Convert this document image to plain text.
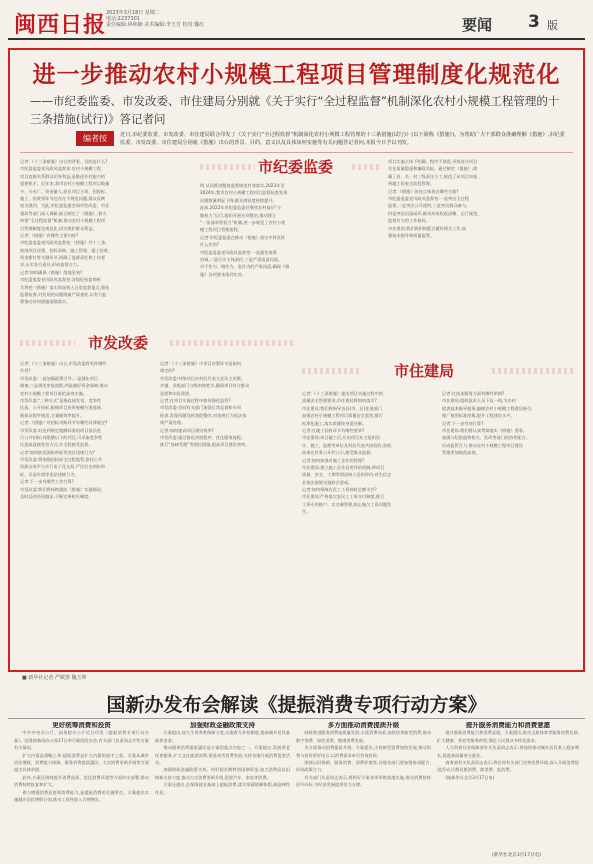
闽西日报 2023年3月18日 星期二
电话:2237301
责任编辑:林和楠 美术编辑:李玉芳 校对:魏红	要闻 3 版
进一步推动农村小规模工程项目管理制度化规范化
——市纪委监委、市发改委、市住建局分别就《关于实行“全过程监督”机制深化农村小规模工程管理的十三条措施(试行)》答记者问
编者按	近日,市纪委监委、市发改委、市住建局联合印发了《关于实行“全过程监督”机制深化农村小规模工程管理的十三条措施(试行)》(以下简称《措施》)。为帮助广大干部群众准确理解《措施》,市纪委监委、市发改委、市住建局分别就《措施》出台的背景、目的、意义以及具体如何实施等有关问题答记者问,本报今日予以刊发。
市纪委监委
记者:《十三条措施》出台的背景、目的是什么?
市纪委监委党风政风监督室:农村小规模工程
项目直接关系群众切身利益,是推进乡村振兴的
重要抓手。近年来,我市农村小规模工程项目数量
多、分布广、资金量大,但在项目立项、招投标、
施工、验收等环节还存在不规范问题,群众反映
较为强烈。为此,市纪委监委会同市发改委、市住
建局等部门深入调研,联合制定了《措施》,着力
构建“全过程监督”机制,推动农村小规模工程项
目管理制度化规范化,切实维护群众利益。
记者:《措施》有哪些主要内容?
市纪委监委党风政风监督室:《措施》共十三条,
围绕项目决策、招标采购、施工管理、竣工验收、
资金拨付等关键环节,明确了监督责任和工作要
求,压实各方责任,形成监督合力。
记者:如何确保《措施》落地见效?
市纪委监委党风政风监督室:各级纪检监察机
关将把《措施》落实情况纳入日常监督重点,强化
监督检查,对发现的问题线索严肃查处,以有力监
督推动各项措施落细落实。
例,从而推进整体监督规范有效落实,2023年至
2024年,我市农村小规模工程项目监督检查发现
问题数量明显下降,群众满意度持续提升。
此前,2022年市纪委监委还聚焦农村基层“小
微权力”运行,组织开展专项整治,推动建立
“一张清单管权力”机制,进一步规范了农村小规
模工程项目管理流程。
记者:市纪委监委在推动《措施》落实中将发挥
什么作用?
市纪委监委党风政风监督室:一是强化统筹
协调,二是压实主体责任,三是严肃追责问责,
对不作为、慢作为、乱作为的严肃问责,确保《措
施》各项要求落到实处。
项目实施主体不明确、程序不规范,导致部分项目
存在质量隐患和廉政风险。通过制定《措施》,明
确了县、乡、村三级责任分工,规范了从项目申报
到竣工验收全流程管理。
记者:《措施》的亮点体现在哪些方面?
市纪委监委党风政风监督室:一是突出全过程
监督,二是突出公开透明,三是突出群众参与,
四是突出问责闭环,推动形成权责清晰、运行规范、
监督有力的工作格局。
市住建局:我们将积极配合做好相关工作,加
强技术指导和质量监管。
市发改委
记者:《十三条措施》出台,市发改委将发挥哪些
作用?
市发改委:一是加强政策引导,二是强化项目
储备,三是规范审批流程,四是做好资金保障,推动
农村小规模工程项目规范高效实施。
市发改委:“三种方式”是指直接发包、竞争性
比选、公开招标,根据项目投资规模分类选择,
既保证程序规范,又兼顾效率提升。
记者:《措施》对招标采购环节有哪些具体规定?
市发改委:对达到规定限额标准的项目依法进
行公开招标;对限额以下的项目,可采取竞争性
比选或直接发包方式,并全程接受监督。
记者:如何防范围标串标等违法违规行为?
市发改委:将加强招投标全过程监管,依托公共
资源交易平台实行电子化交易,严厉打击围标串
标、弄虚作假等违法违规行为。
记者:下一步有哪些工作打算?
市发改委:我们将持续跟踪《措施》实施情况,
及时总结经验做法,不断完善相关制度。
记者:《十三条措施》中项目决策环节是如何
规定的?
市发改委:村级项目由村民代表大会民主决策,
乡镇、县级部门分级审核把关,确保项目符合群众
意愿和实际需要。
记者:在项目实施过程中如何强化监管?
市发改委:会同有关部门加强日常巡查和专项
检查,发现问题及时督促整改,对违规行为依法依
规严肃处理。
记者:如何提高项目建设效率?
市发改委:通过简化审批程序、优化服务流程,
推行“容缺受理”等便民措施,提高项目建设效率。
市住建局
记者:《十三条措施》提出项目实施过程中的
质量安全管理要求,市住建局将如何落实?
市住建局:我们将指导各县(市、区)住建部门
加强农村小规模工程项目质量安全监管,推行
标准化施工,落实质量终身责任制。
记者:在竣工验收环节有哪些要求?
市住建局:项目竣工后,应由项目业主组织设
计、施工、监理等单位及村民代表共同验收,验收
结果在村务公开栏公示,接受群众监督。
记者:如何加强对施工企业的管理?
市住建局:建立施工企业信用评价机制,将项目
质量、安全、工期等情况纳入信用评价,对失信企
业依法依规实施联合惩戒。
记者:如何保障农民工工资按时足额支付?
市住建局:严格落实农民工工资支付制度,推行
工资专用账户、实名制管理,防止拖欠工资问题发
生。
记者:在技术服务方面有哪些举措?
市住建局:组织技术人员下沉一线,为乡村
提供技术指导服务,编制农村小规模工程建设指引,
推广使用标准图集,提升工程建设水平。
记者:下一步有何打算?
市住建局:我们将认真贯彻落实《措施》要求,
加强与纪检监察机关、发改等部门的协作配合,
形成监管合力,推动农村小规模工程项目建设
管理更加规范高效。
■ 新华社记者 严赋憬 魏玉坤
国新办发布会解读《提振消费专项行动方案》
更好统筹消费和投资
中共中央办公厅、国务院办公厅近日印发《提振消费专项行动方案》。国务院新闻办公室17日举行新闻发布会,有关部门负责同志介绍方案有关情况。
扩大内需是战略之举,提振消费是扩大内需的重中之重。方案从城乡居民增收、消费能力保障、服务消费提质惠民、大宗消费更新升级等方面提出具体举措。
此外,方案还围绕提升消费品质、优化消费环境等方面作出部署,推动消费持续恢复和扩大。
着力增强消费意愿和消费能力,是提振消费的关键所在。方案提出实施城乡居民增收计划,推动工资性收入合理增长。
加强财政金融政策支持
方案提出,加大生育养育保障力度,实施育儿补贴制度,提高城乡居民基础养老金。
推动服务消费提质惠民是方案的重点内容之一。方案提出,发展养老托育服务,扩大文化旅游消费,推进冰雪消费发展,支持各地开展消费促进活动。
加强财政金融政策支持。用好超长期特别国债资金,加大消费品以旧换新支持力度,推动大宗消费更新升级,促进汽车、家电等消费。
方案还提出,在保障就业基础上提振消费,落实带薪错峰休假,鼓励弹性作息。
多方面推动消费提质升级
同时推进服务消费高质量发展,丰富消费场景,加快培育新型消费,推动数字消费、绿色消费、健康消费发展。
多方面推动消费提质升级。方案提出,支持新型消费加快发展,推动消费与投资更好结合,以消费需求牵引有效投资。
围绕以旧换新、服务消费、消费环境等,各地各部门要加强协同配合,形成政策合力。
有关部门负责同志表示,将抓好方案各项举措落地实施,推动消费持续回升向好,为经济发展提供有力支撑。
提升服务消费能力和消费意愿
提升服务消费能力和消费意愿。方案提出,推动文旅体育等服务消费发展,扩大健康、养老等服务供给,满足人民群众多样化需求。
人力资源社会保障部有关负责同志表示,将加快推动城乡居民收入稳步增长,促进高质量充分就业。
商务部有关负责同志表示,将会同有关部门完善消费环境,深入开展消费促进活动,让群众愿消费、敢消费、能消费。
(据新华社北京3月17日电)
(新华社北京3月17日电)
